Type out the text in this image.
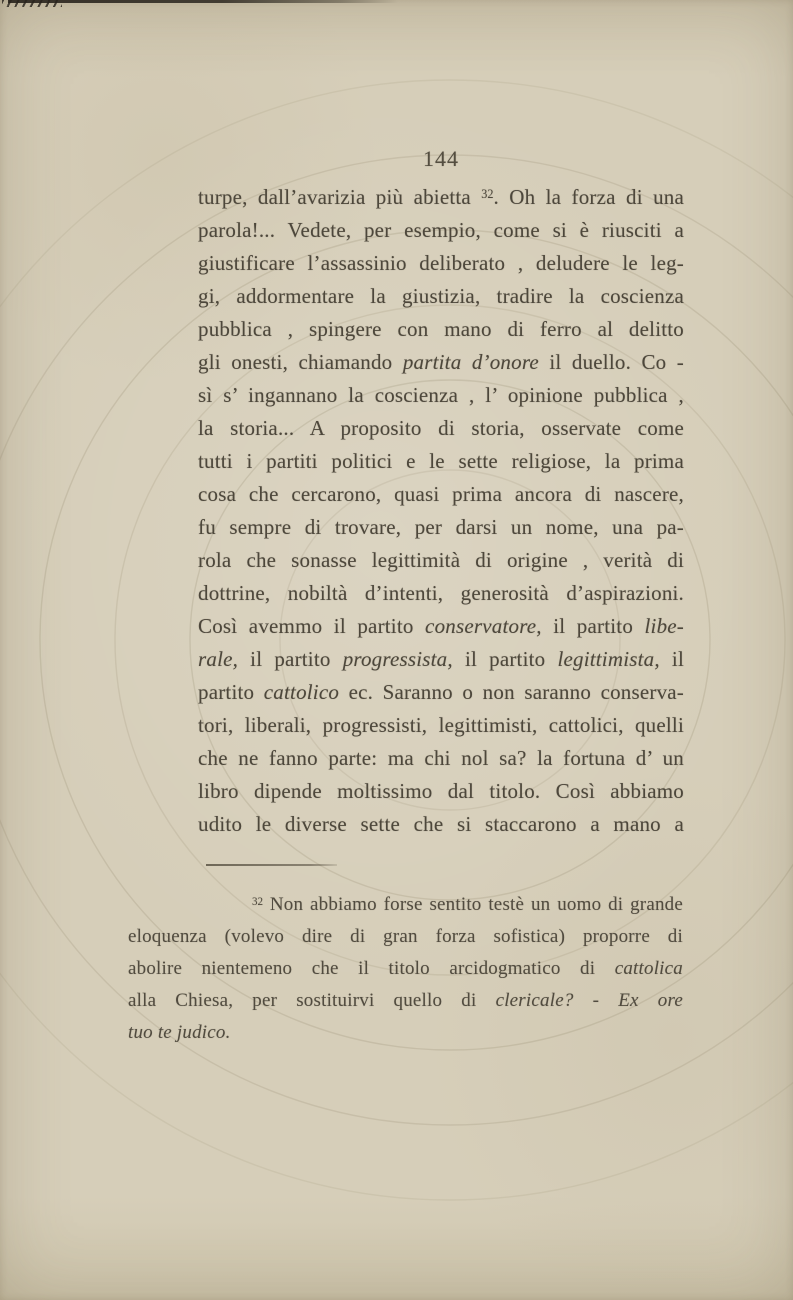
144
turpe, dall’avarizia più abietta $^{32}$. Oh la forza di una
parola!... Vedete, per esempio, come si è riusciti a
giustificare l’assassinio deliberato , deludere le leg-
gi, addormentare la giustizia, tradire la coscienza
pubblica , spingere con mano di ferro al delitto
gli onesti, chiamando partita d’onore il duello. Co -
sì s’ ingannano la coscienza , l’ opinione pubblica ,
la storia... A proposito di storia, osservate come
tutti i partiti politici e le sette religiose, la prima
cosa che cercarono, quasi prima ancora di nascere,
fu sempre di trovare, per darsi un nome, una pa-
rola che sonasse legittimità di origine , verità di
dottrine, nobiltà d’intenti, generosità d’aspirazioni.
Così avemmo il partito conservatore, il partito libe-
rale, il partito progressista, il partito legittimista, il
partito cattolico ec. Saranno o non saranno conserva-
tori, liberali, progressisti, legittimisti, cattolici, quelli
che ne fanno parte: ma chi nol sa? la fortuna d’ un
libro dipende moltissimo dal titolo. Così abbiamo
udito le diverse sette che si staccarono a mano a
$^{32}$ Non abbiamo forse sentito testè un uomo di grande
eloquenza (volevo dire di gran forza sofistica) proporre di
abolire nientemeno che il titolo arcidogmatico di cattolica
alla Chiesa, per sostituirvi quello di clericale? - Ex ore
tuo te judico.
